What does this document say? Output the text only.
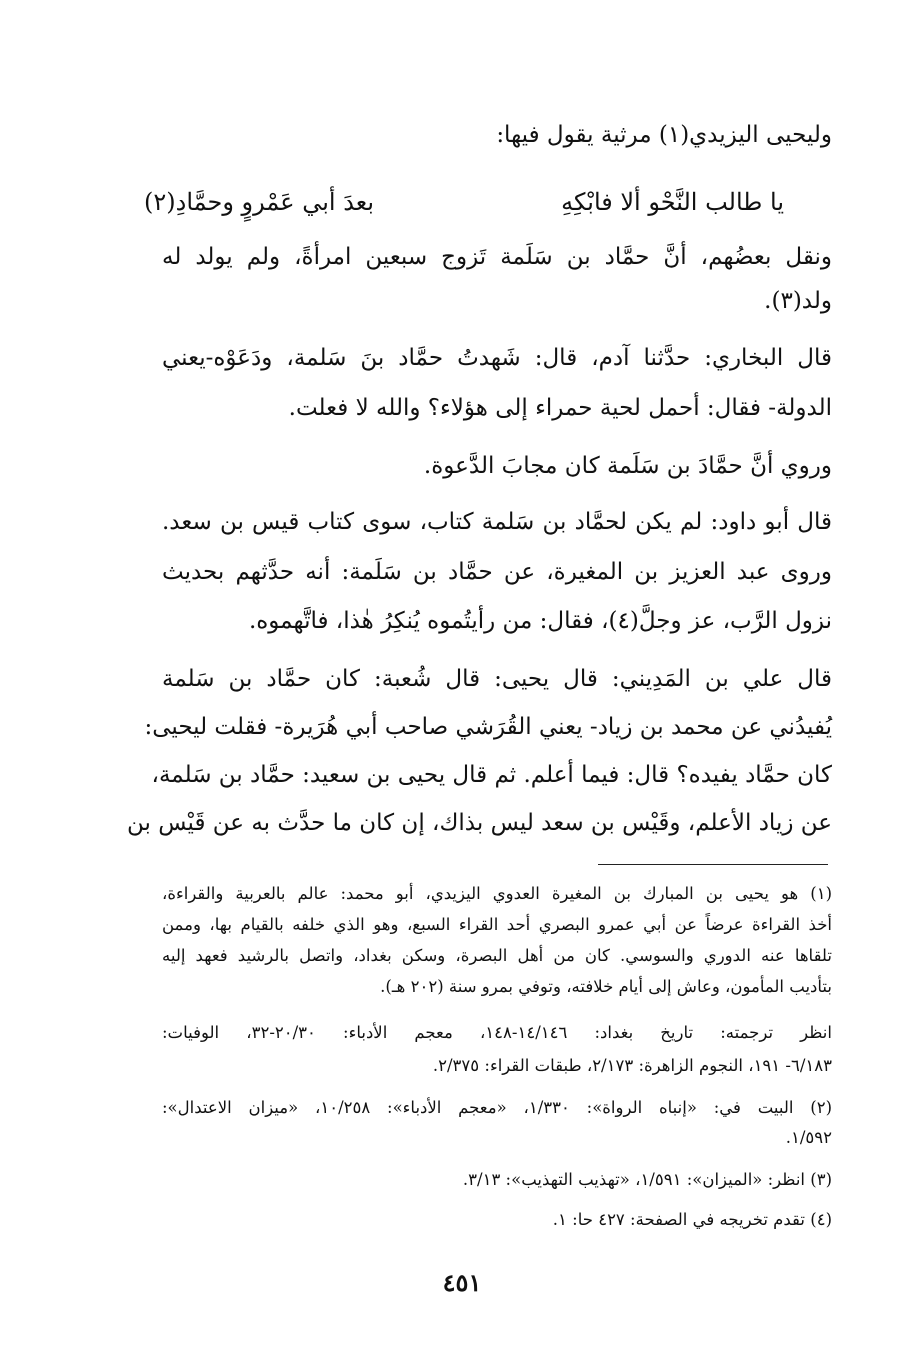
وليحيى اليزيدي(١) مرثية يقول فيها:
يا طالب النَّحْو ألا فابْكِهِ
بعدَ أبي عَمْروٍ وحمَّادِ(٢)
ونقل بعضُهم، أنَّ حمَّاد بن سَلَمة تَزوج سبعين امرأةً، ولم يولد له
ولد(٣).
قال البخاري: حدَّثنا آدم، قال: شَهدتُ حمَّاد بنَ سَلمة، ودَعَوْه-يعني
الدولة- فقال: أحمل لحية حمراء إلى هؤلاء؟ والله لا فعلت.
وروي أنَّ حمَّادَ بن سَلَمة كان مجابَ الدَّعوة.
قال أبو داود: لم يكن لحمَّاد بن سَلمة كتاب، سوى كتاب قيس بن سعد.
وروى عبد العزيز بن المغيرة، عن حمَّاد بن سَلَمة: أنه حدَّثهم بحديث
نزول الرَّب، عز وجلَّ(٤)، فقال: من رأيتُموه يُنكِرُ هٰذا، فاتَّهموه.
قال علي بن المَدِيني: قال يحيى: قال شُعبة: كان حمَّاد بن سَلمة
يُفيدُني عن محمد بن زياد- يعني القُرَشي صاحب أبي هُرَيرة- فقلت ليحيى:
كان حمَّاد يفيده؟ قال: فيما أعلم. ثم قال يحيى بن سعيد: حمَّاد بن سَلمة،
عن زياد الأعلم، وقَيْس بن سعد ليس بذاك، إن كان ما حدَّث به عن قَيْس بن
(١) هو يحيى بن المبارك بن المغيرة العدوي اليزيدي، أبو محمد: عالم بالعربية والقراءة،
أخذ القراءة عرضاً عن أبي عمرو البصري أحد القراء السبع، وهو الذي خلفه بالقيام بها، وممن
تلقاها عنه الدوري والسوسي. كان من أهل البصرة، وسكن بغداد، واتصل بالرشيد فعهد إليه
بتأديب المأمون، وعاش إلى أيام خلافته، وتوفي بمرو سنة (٢٠٢ هـ).
انظر ترجمته: تاريخ بغداد: ١٤/١٤٦-١٤٨، معجم الأدباء: ٢٠/٣٠-٣٢، الوفيات:
٦/١٨٣- ١٩١، النجوم الزاهرة: ٢/١٧٣، طبقات القراء: ٢/٣٧٥.
(٢) البيت في: «إنباه الرواة»: ١/٣٣٠، «معجم الأدباء»: ١٠/٢٥٨، «ميزان الاعتدال»:
١/٥٩٢.
(٣) انظر: «الميزان»: ١/٥٩١، «تهذيب التهذيب»: ٣/١٣.
(٤) تقدم تخريجه في الصفحة: ٤٢٧ حا: ١.
٤٥١
